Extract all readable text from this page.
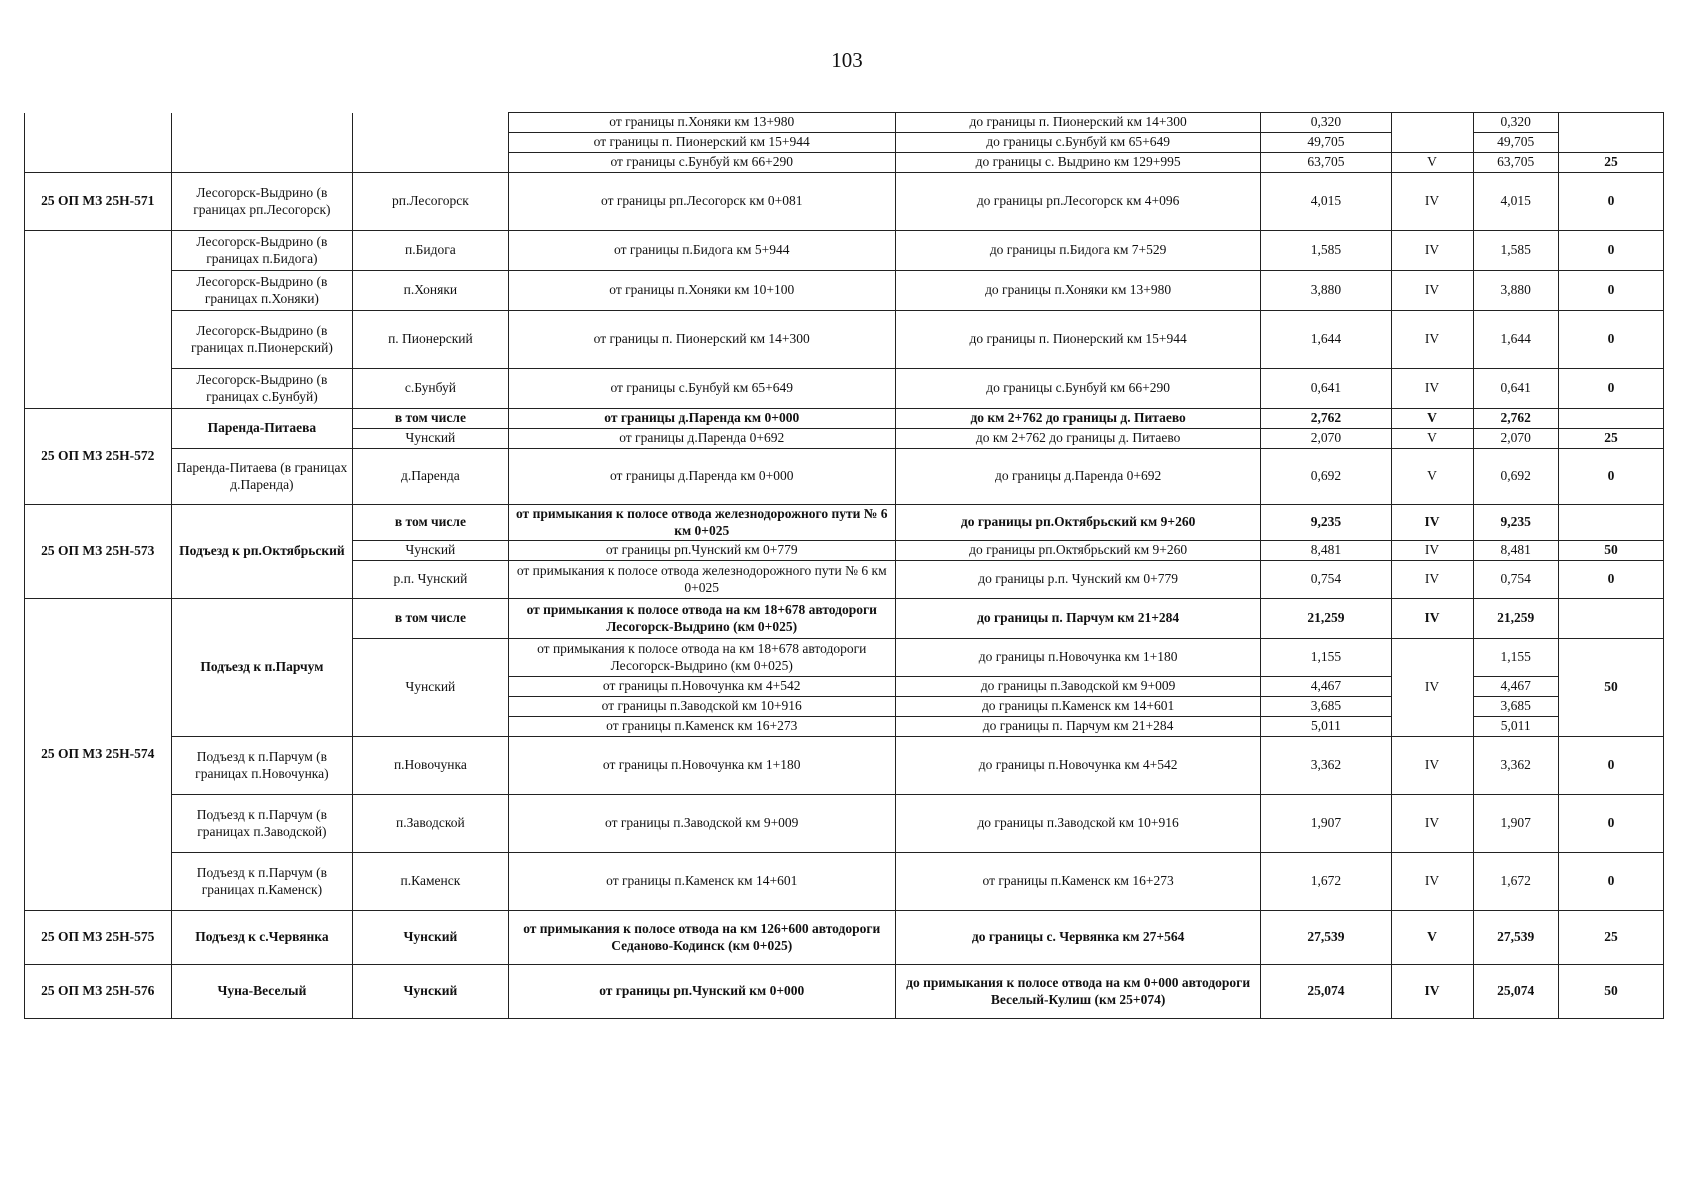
103
			от границы п.Хоняки км 13+980	до границы п. Пионерский км 14+300	0,320		0,320	
			от границы п. Пионерский км 15+944	до границы с.Бунбуй км 65+649	49,705		49,705	
			от границы с.Бунбуй км 66+290	до границы с. Выдрино км 129+995	63,705	V	63,705	25
25 ОП МЗ 25Н-571	Лесогорск-Выдрино (в границах рп.Лесогорск)	рп.Лесогорск	от границы рп.Лесогорск км 0+081	до границы рп.Лесогорск км 4+096	4,015	IV	4,015	0
	Лесогорск-Выдрино (в границах п.Бидога)	п.Бидога	от границы п.Бидога км 5+944	до границы п.Бидога км 7+529	1,585	IV	1,585	0
	Лесогорск-Выдрино (в границах п.Хоняки)	п.Хоняки	от границы п.Хоняки км 10+100	до границы п.Хоняки км 13+980	3,880	IV	3,880	0
	Лесогорск-Выдрино (в границах п.Пионерский)	п. Пионерский	от границы п. Пионерский км 14+300	до границы п. Пионерский км 15+944	1,644	IV	1,644	0
	Лесогорск-Выдрино (в границах с.Бунбуй)	с.Бунбуй	от границы с.Бунбуй км 65+649	до границы с.Бунбуй км 66+290	0,641	IV	0,641	0
25 ОП МЗ 25Н-572	Паренда-Питаева	в том числе	от границы д.Паренда км 0+000	до км 2+762 до границы д. Питаево	2,762	V	2,762	
		Чунский	от границы д.Паренда 0+692	до км 2+762 до границы д. Питаево	2,070	V	2,070	25
	Паренда-Питаева (в границах д.Паренда)	д.Паренда	от границы д.Паренда км 0+000	до границы д.Паренда 0+692	0,692	V	0,692	0
25 ОП МЗ 25Н-573	Подъезд к рп.Октябрьский	в том числе	от примыкания к полосе отвода железнодорожного пути № 6 км 0+025	до границы рп.Октябрьский км 9+260	9,235	IV	9,235	
		Чунский	от границы рп.Чунский км 0+779	до границы рп.Октябрьский км 9+260	8,481	IV	8,481	50
		р.п. Чунский	от примыкания к полосе отвода железнодорожного пути № 6 км 0+025	до границы р.п. Чунский км 0+779	0,754	IV	0,754	0
25 ОП МЗ 25Н-574	Подъезд к п.Парчум	в том числе	от примыкания к полосе отвода на км 18+678 автодороги Лесогорск-Выдрино (км 0+025)	до границы п. Парчум км 21+284	21,259	IV	21,259	
		Чунский	от примыкания к полосе отвода на км 18+678 автодороги Лесогорск-Выдрино (км 0+025)	до границы п.Новочунка км 1+180	1,155	IV	1,155	50
			от границы п.Новочунка км 4+542	до границы п.Заводской км 9+009	4,467		4,467	
			от границы п.Заводской км 10+916	до границы п.Каменск км 14+601	3,685		3,685	
			от границы п.Каменск км 16+273	до границы п. Парчум км 21+284	5,011		5,011	
	Подъезд к п.Парчум (в границах п.Новочунка)	п.Новочунка	от границы п.Новочунка км 1+180	до границы п.Новочунка км 4+542	3,362	IV	3,362	0
	Подъезд к п.Парчум (в границах п.Заводской)	п.Заводской	от границы п.Заводской км 9+009	до границы п.Заводской км 10+916	1,907	IV	1,907	0
	Подъезд к п.Парчум (в границах п.Каменск)	п.Каменск	от границы п.Каменск км 14+601	от границы п.Каменск км 16+273	1,672	IV	1,672	0
25 ОП МЗ 25Н-575	Подъезд к с.Червянка	Чунский	от примыкания к полосе отвода на км 126+600 автодороги Седаново-Кодинск (км 0+025)	до границы с. Червянка км 27+564	27,539	V	27,539	25
25 ОП МЗ 25Н-576	Чуна-Веселый	Чунский	от границы рп.Чунский км 0+000	до примыкания к полосе отвода на км 0+000 автодороги Веселый-Кулиш (км 25+074)	25,074	IV	25,074	50
